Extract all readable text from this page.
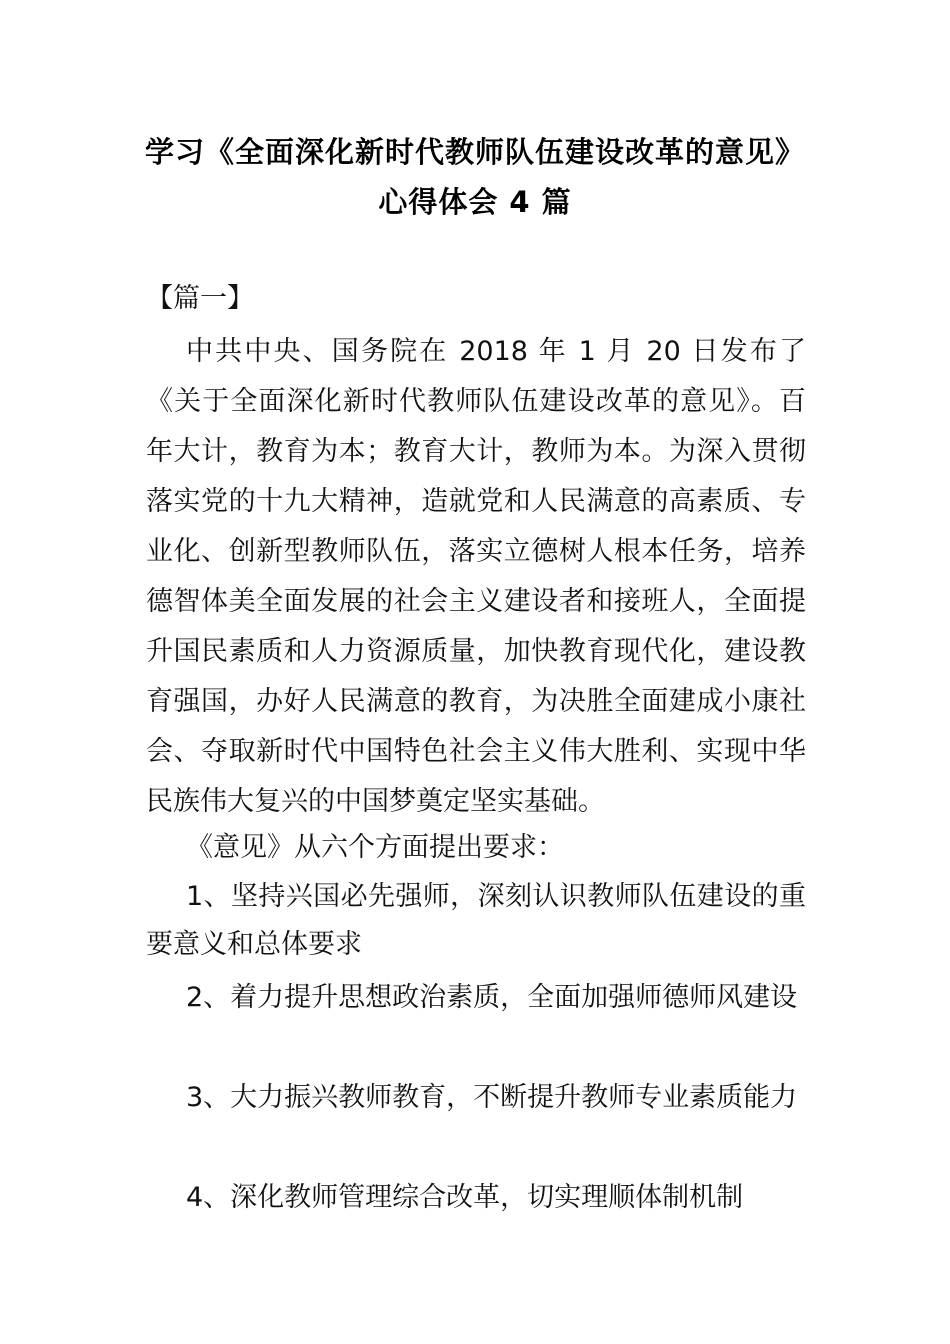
学习《全面深化新时代教师队伍建设改革的意见》
心得体会 4 篇
【篇一】

中共中央、国务院在 2018 年 1 月 20 日发布了《关于全面深化新时代教师队伍建设改革的意见》。百年大计，教育为本；教育大计，教师为本。为深入贯彻落实党的十九大精神，造就党和人民满意的高素质、专业化、创新型教师队伍，落实立德树人根本任务，培养德智体美全面发展的社会主义建设者和接班人，全面提升国民素质和人力资源质量，加快教育现代化，建设教育强国，办好人民满意的教育，为决胜全面建成小康社会、夺取新时代中国特色社会主义伟大胜利、实现中华民族伟大复兴的中国梦奠定坚实基础。

《意见》从六个方面提出要求：

1、坚持兴国必先强师，深刻认识教师队伍建设的重要意义和总体要求

2、着力提升思想政治素质，全面加强师德师风建设

3、大力振兴教师教育，不断提升教师专业素质能力

4、深化教师管理综合改革，切实理顺体制机制
